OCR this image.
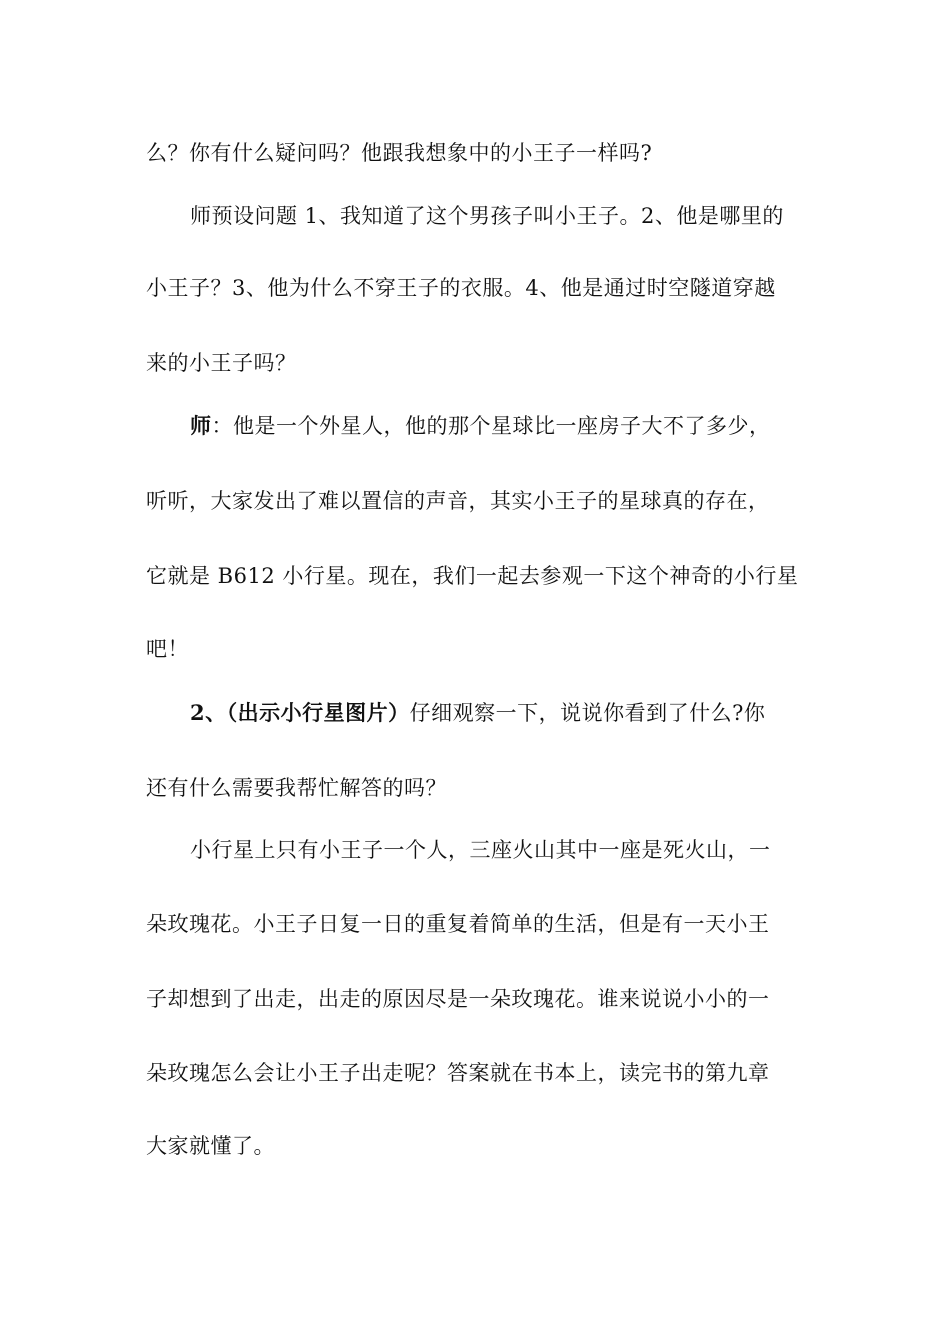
么？你有什么疑问吗？他跟我想象中的小王子一样吗?
师预设问题 1、我知道了这个男孩子叫小王子。2、他是哪里的
小王子？3、他为什么不穿王子的衣服。4、他是通过时空隧道穿越
来的小王子吗？
师：他是一个外星人，他的那个星球比一座房子大不了多少，
听听，大家发出了难以置信的声音，其实小王子的星球真的存在，
它就是 B612 小行星。现在，我们一起去参观一下这个神奇的小行星
吧！
2、（出示小行星图片）仔细观察一下，说说你看到了什么?你
还有什么需要我帮忙解答的吗？
小行星上只有小王子一个人，三座火山其中一座是死火山，一
朵玫瑰花。小王子日复一日的重复着简单的生活，但是有一天小王
子却想到了出走，出走的原因尽是一朵玫瑰花。谁来说说小小的一
朵玫瑰怎么会让小王子出走呢？答案就在书本上，读完书的第九章
大家就懂了。
